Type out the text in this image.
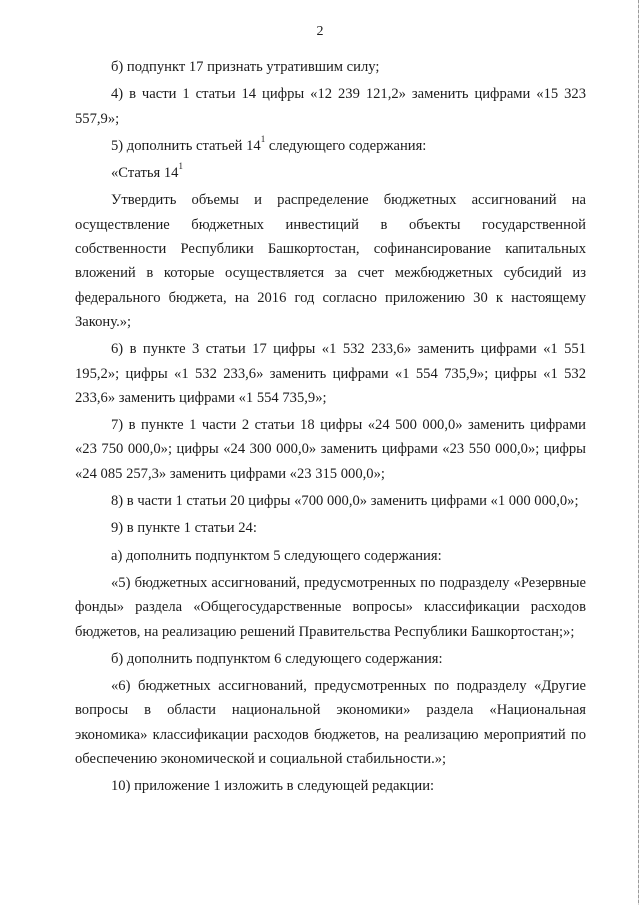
2

б) подпункт 17 признать утратившим силу;

4) в части 1 статьи 14 цифры «12 239 121,2» заменить цифрами «15 323 557,9»;

5) дополнить статьей $14^1$ следующего содержания:

«Статья $14^1$

Утвердить объемы и распределение бюджетных ассигнований на осуществление бюджетных инвестиций в объекты государственной собственности Республики Башкортостан, софинансирование капитальных вложений в которые осуществляется за счет межбюджетных субсидий из федерального бюджета, на 2016 год согласно приложению 30 к настоящему Закону.»;

6) в пункте 3 статьи 17 цифры «1 532 233,6» заменить цифрами «1 551 195,2»; цифры «1 532 233,6» заменить цифрами «1 554 735,9»; цифры «1 532 233,6» заменить цифрами «1 554 735,9»;

7) в пункте 1 части 2 статьи 18 цифры «24 500 000,0» заменить цифрами «23 750 000,0»; цифры «24 300 000,0» заменить цифрами «23 550 000,0»; цифры «24 085 257,3» заменить цифрами «23 315 000,0»;

8) в части 1 статьи 20 цифры «700 000,0» заменить цифрами «1 000 000,0»;

9) в пункте 1 статьи 24:

а) дополнить подпунктом 5 следующего содержания:

«5) бюджетных ассигнований, предусмотренных по подразделу «Резервные фонды» раздела «Общегосударственные вопросы» классификации расходов бюджетов, на реализацию решений Правительства Республики Башкортостан;»;

б) дополнить подпунктом 6 следующего содержания:

«6) бюджетных ассигнований, предусмотренных по подразделу «Другие вопросы в области национальной экономики» раздела «Национальная экономика» классификации расходов бюджетов, на реализацию мероприятий по обеспечению экономической и социальной стабильности.»;

10) приложение 1 изложить в следующей редакции:
